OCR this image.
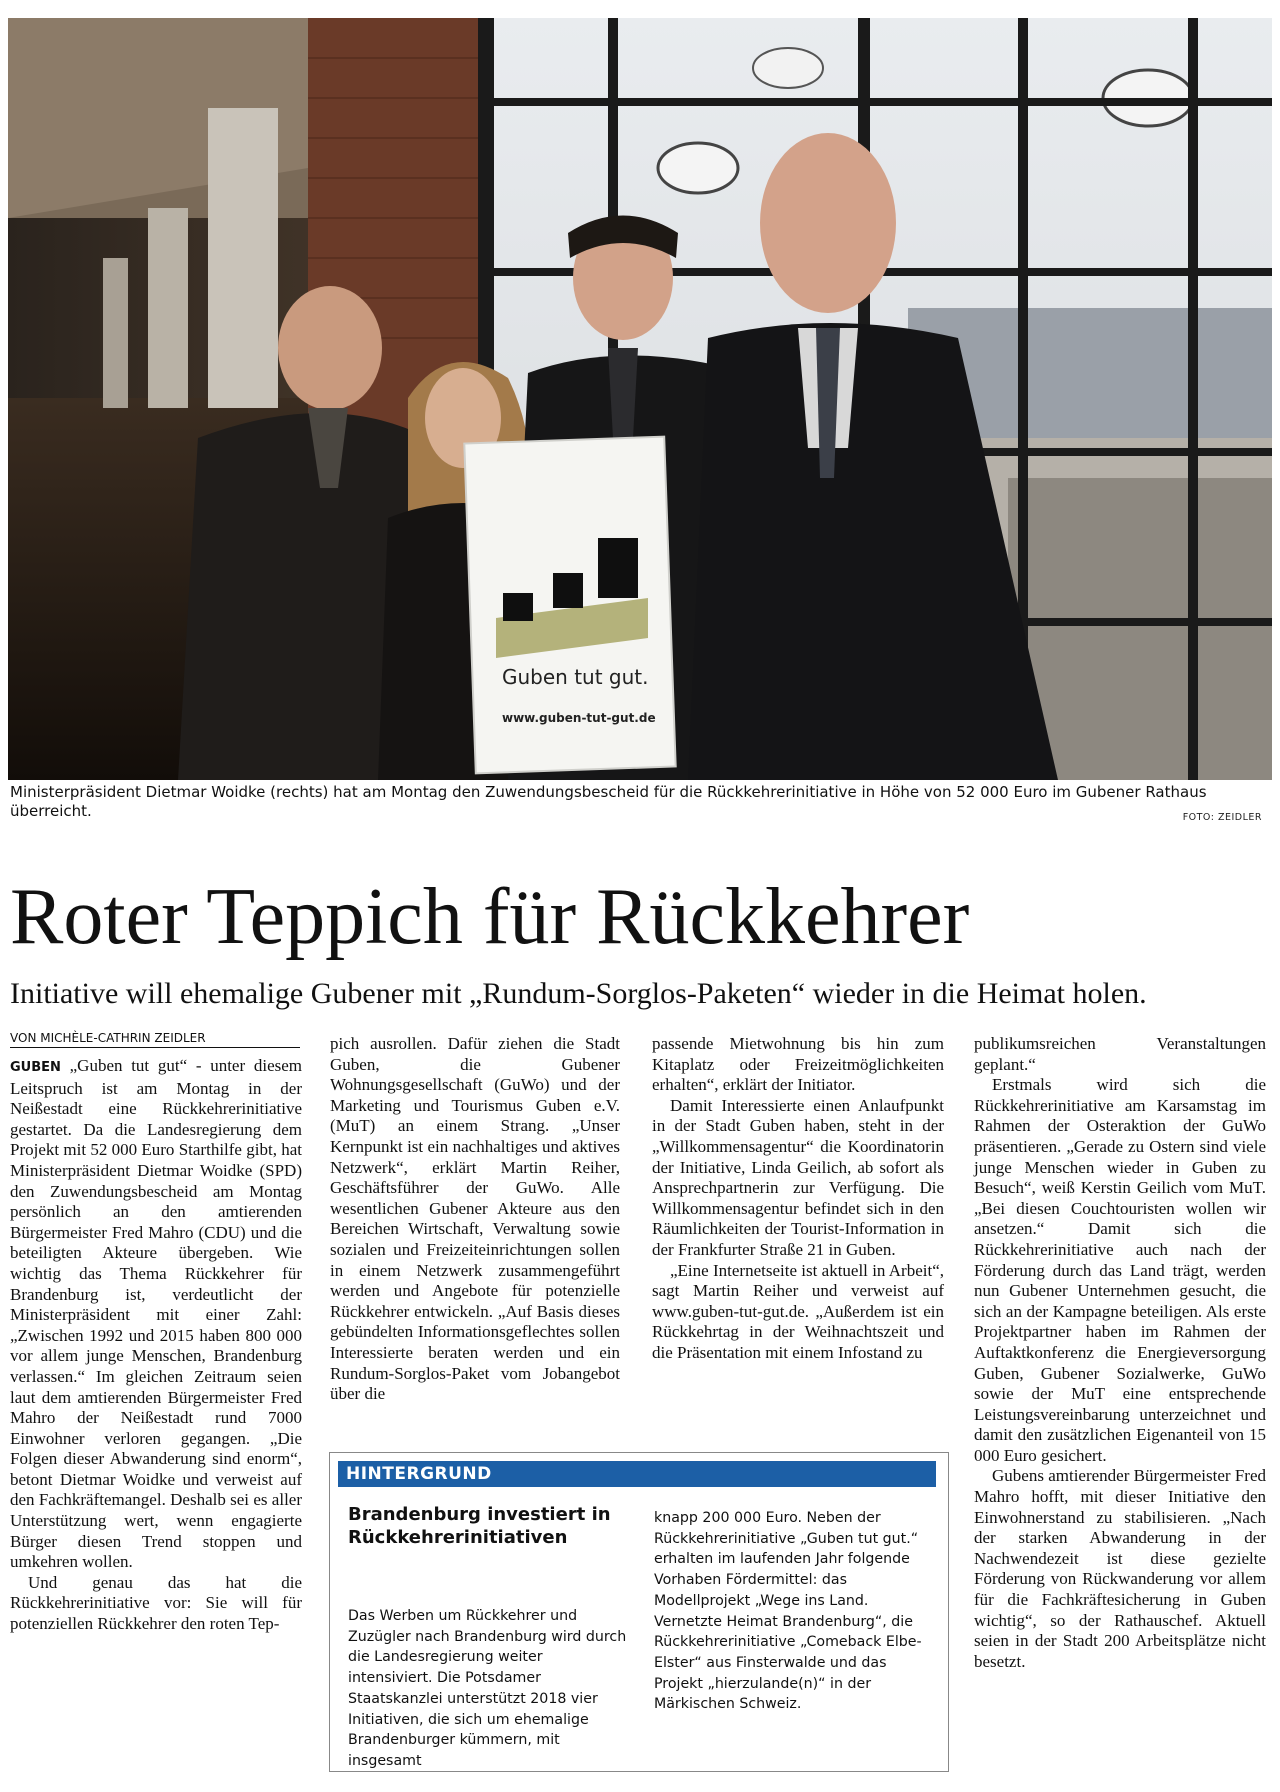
Guben tut gut.
www.guben-tut-gut.de
Ministerpräsident Dietmar Woidke (rechts) hat am Montag den Zuwendungsbescheid für die Rückkehrerinitiative in Höhe von 52 000 Euro im Gubener Rathaus überreicht.	FOTO: ZEIDLER
Roter Teppich für Rückkehrer
Initiative will ehemalige Gubener mit „Rundum-Sorglos-Paketen“ wieder in die Heimat holen.
VON MICHÈLE-CATHRIN ZEIDLER

GUBEN „Guben tut gut“ - unter diesem Leitspruch ist am Montag in der Neißestadt eine Rückkehrerinitiative gestartet. Da die Landesregierung dem Projekt mit 52 000 Euro Starthilfe gibt, hat Ministerpräsident Dietmar Woidke (SPD) den Zuwendungsbescheid am Montag persönlich an den amtierenden Bürgermeister Fred Mahro (CDU) und die beteiligten Akteure übergeben. Wie wichtig das Thema Rückkehrer für Brandenburg ist, verdeutlicht der Ministerpräsident mit einer Zahl: „Zwischen 1992 und 2015 haben 800 000 vor allem junge Menschen, Brandenburg verlassen.“ Im gleichen Zeitraum seien laut dem amtierenden Bürgermeister Fred Mahro der Neißestadt rund 7000 Einwohner verloren gegangen. „Die Folgen dieser Abwanderung sind enorm“, betont Dietmar Woidke und verweist auf den Fachkräftemangel. Deshalb sei es aller Unterstützung wert, wenn engagierte Bürger diesen Trend stoppen und umkehren wollen.

Und genau das hat die Rückkehrerinitiative vor: Sie will für potenziellen Rückkehrer den roten Tep-

pich ausrollen. Dafür ziehen die Stadt Guben, die Gubener Wohnungsgesellschaft (GuWo) und der Marketing und Tourismus Guben e.V. (MuT) an einem Strang. „Unser Kernpunkt ist ein nachhaltiges und aktives Netzwerk“, erklärt Martin Reiher, Geschäftsführer der GuWo. Alle wesentlichen Gubener Akteure aus den Bereichen Wirtschaft, Verwaltung sowie sozialen und Freizeiteinrichtungen sollen in einem Netzwerk zusammengeführt werden und Angebote für potenzielle Rückkehrer entwickeln. „Auf Basis dieses gebündelten Informationsgeflechtes sollen Interessierte beraten werden und ein Rundum-Sorglos-Paket vom Jobangebot über die

passende Mietwohnung bis hin zum Kitaplatz oder Freizeitmöglichkeiten erhalten“, erklärt der Initiator.

Damit Interessierte einen Anlaufpunkt in der Stadt Guben haben, steht in der „Willkommensagentur“ die Koordinatorin der Initiative, Linda Geilich, ab sofort als Ansprechpartnerin zur Verfügung. Die Willkommensagentur befindet sich in den Räumlichkeiten der Tourist-Information in der Frankfurter Straße 21 in Guben.

„Eine Internetseite ist aktuell in Arbeit“, sagt Martin Reiher und verweist auf www.guben-tut-gut.de. „Außerdem ist ein Rückkehrtag in der Weihnachtszeit und die Präsentation mit einem Infostand zu

publikumsreichen Veranstaltungen geplant.“

Erstmals wird sich die Rückkehrerinitiative am Karsamstag im Rahmen der Osteraktion der GuWo präsentieren. „Gerade zu Ostern sind viele junge Menschen wieder in Guben zu Besuch“, weiß Kerstin Geilich vom MuT. „Bei diesen Couchtouristen wollen wir ansetzen.“ Damit sich die Rückkehrerinitiative auch nach der Förderung durch das Land trägt, werden nun Gubener Unternehmen gesucht, die sich an der Kampagne beteiligen. Als erste Projektpartner haben im Rahmen der Auftaktkonferenz die Energieversorgung Guben, Gubener Sozialwerke, GuWo sowie der MuT eine entsprechende Leistungsvereinbarung unterzeichnet und damit den zusätzlichen Eigenanteil von 15 000 Euro gesichert.

Gubens amtierender Bürgermeister Fred Mahro hofft, mit dieser Initiative den Einwohnerstand zu stabilisieren. „Nach der starken Abwanderung in der Nachwendezeit ist diese gezielte Förderung von Rückwanderung vor allem für die Fachkräftesicherung in Guben wichtig“, so der Rathauschef. Aktuell seien in der Stadt 200 Arbeitsplätze nicht besetzt.

HINTERGRUND
Brandenburg investiert in Rückkehrerinitiativen
Das Werben um Rückkehrer und Zuzügler nach Brandenburg wird durch die Landesregierung weiter intensiviert. Die Potsdamer Staatskanzlei unterstützt 2018 vier Initiativen, die sich um ehemalige Brandenburger kümmern, mit insgesamt
knapp 200 000 Euro. Neben der Rückkehrerinitiative „Guben tut gut.“ erhalten im laufenden Jahr folgende Vorhaben Fördermittel: das Modellprojekt „Wege ins Land. Vernetzte Heimat Brandenburg“, die Rückkehrerinitiative „Comeback Elbe-Elster“ aus Finsterwalde und das Projekt „hierzulande(n)“ in der Märkischen Schweiz.
